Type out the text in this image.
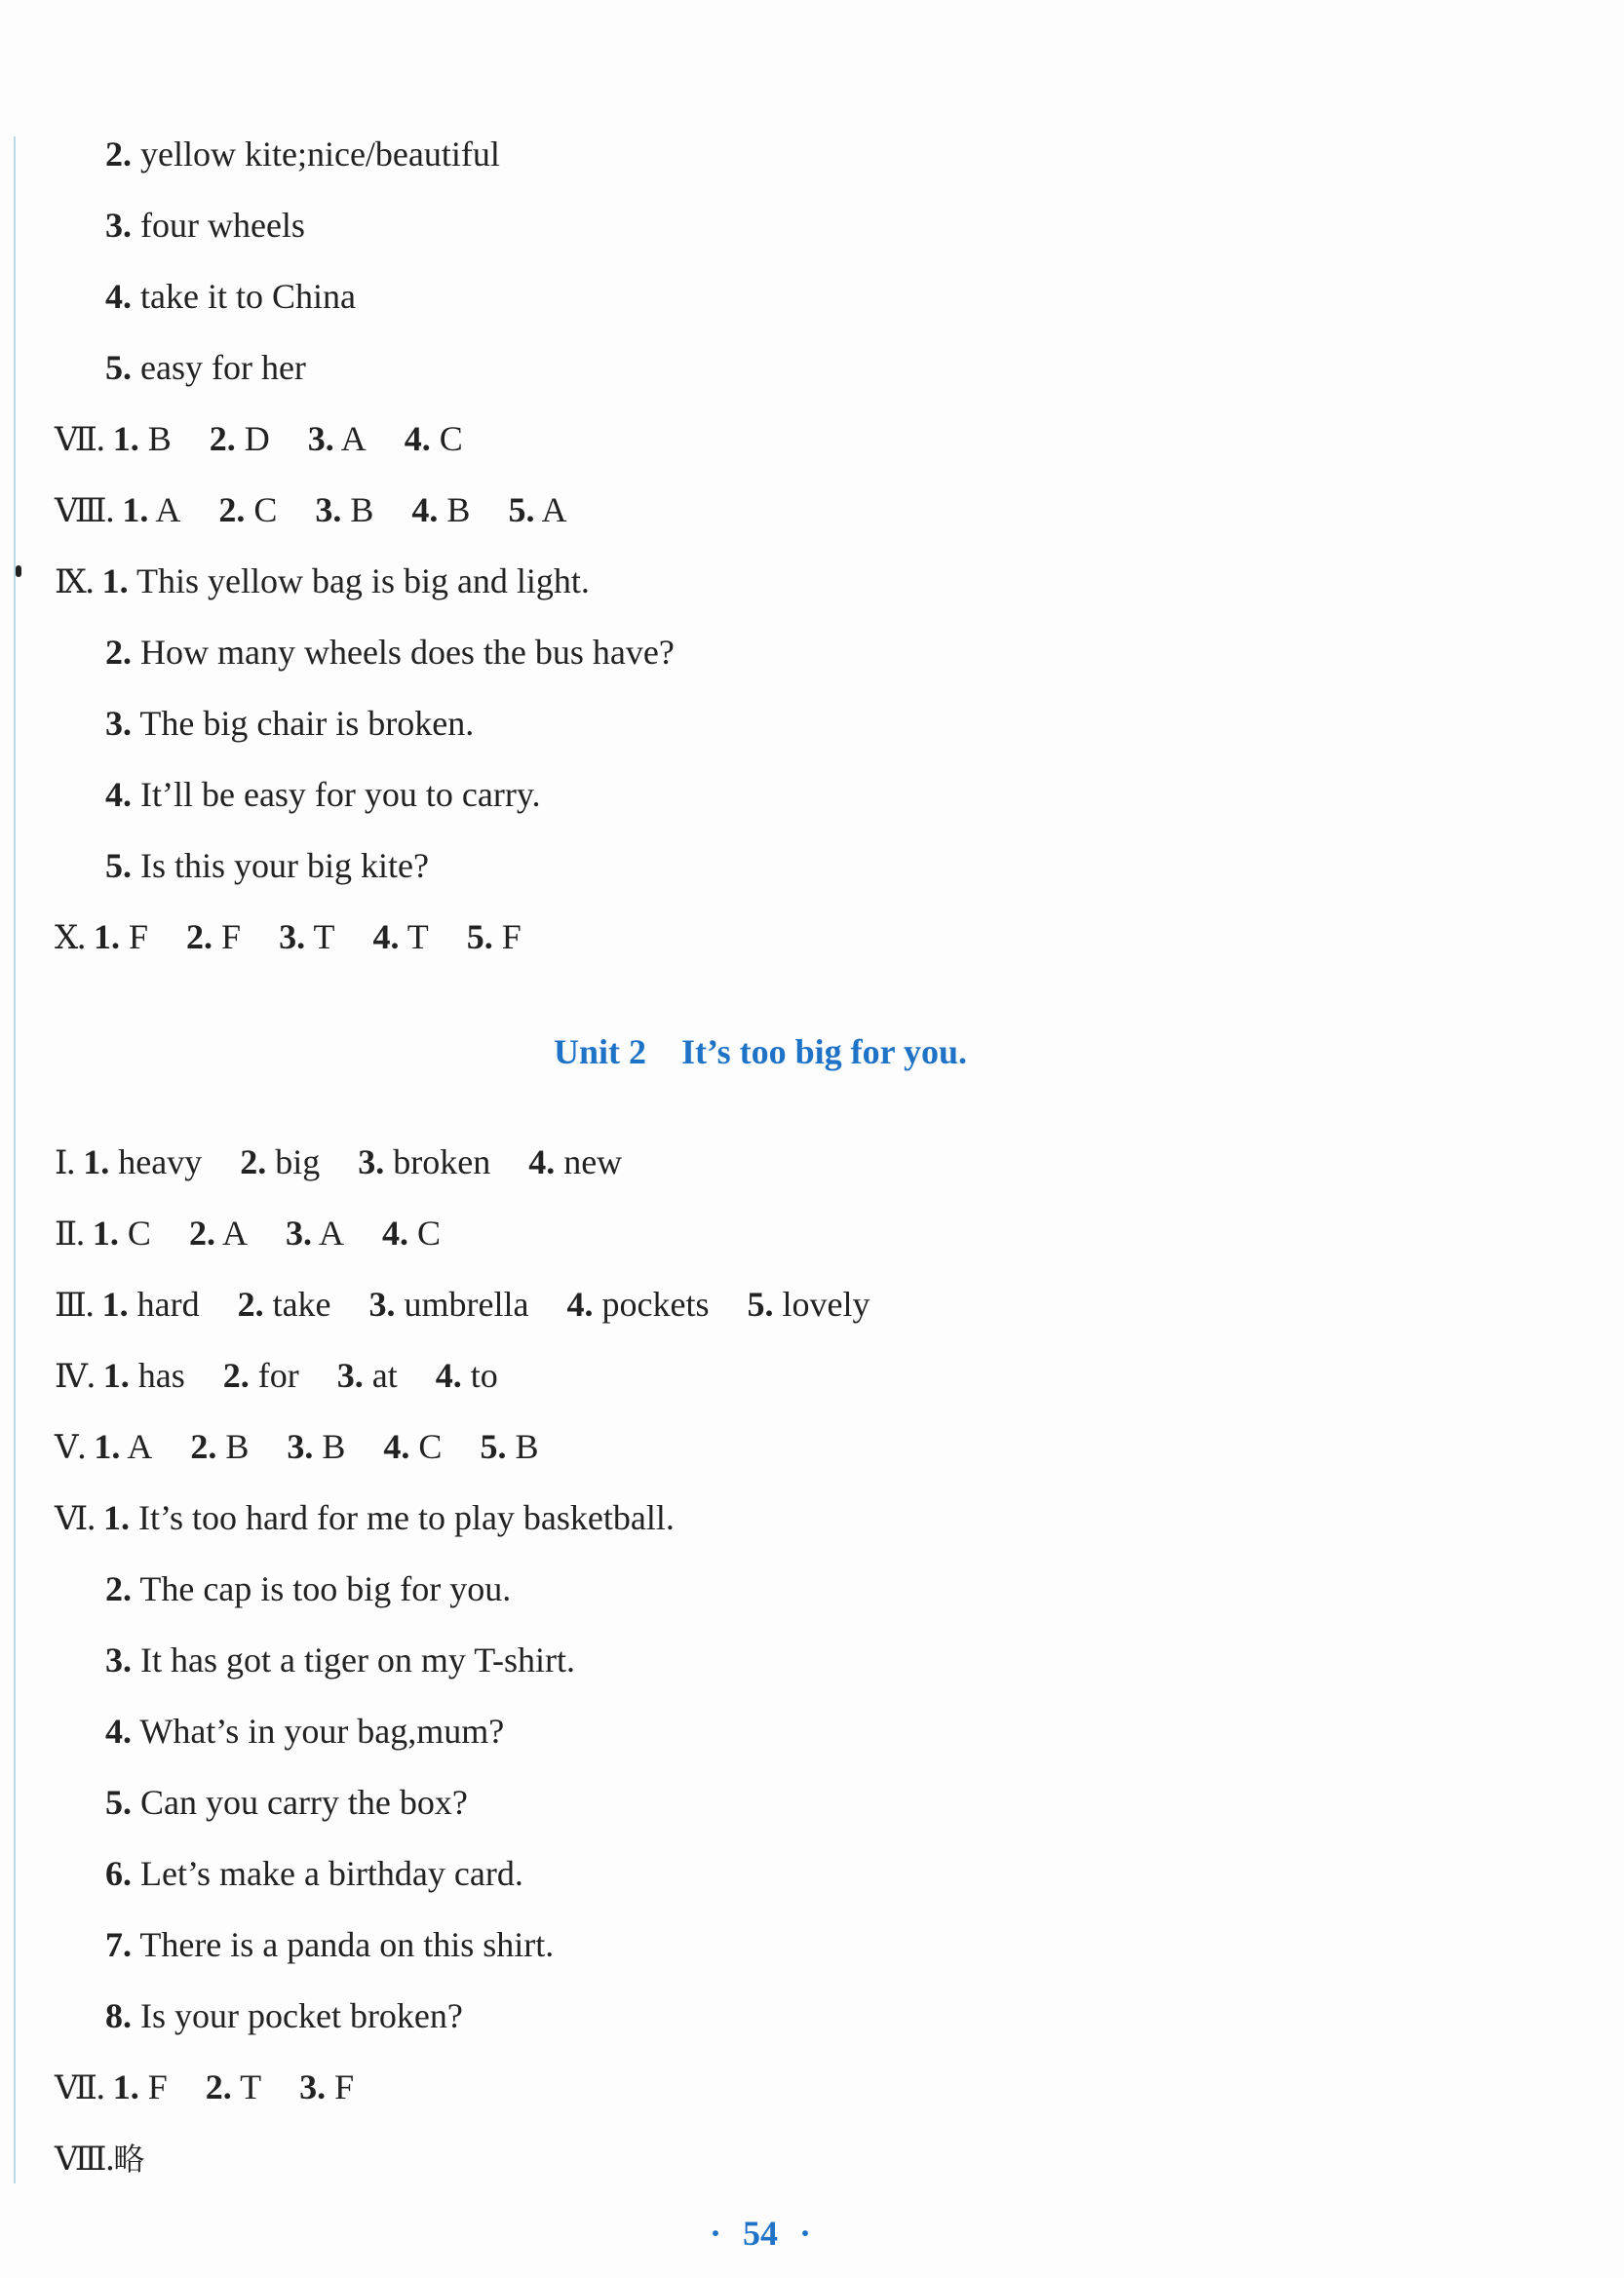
2. yellow kite;nice/beautiful
3. four wheels
4. take it to China
5. easy for her
Ⅶ. 1. B 2. D 3. A 4. C
Ⅷ. 1. A 2. C 3. B 4. B 5. A
Ⅸ. 1. This yellow bag is big and light.
2. How many wheels does the bus have?
3. The big chair is broken.
4. It’ll be easy for you to carry.
5. Is this your big kite?
Ⅹ. 1. F 2. F 3. T 4. T 5. F
Unit 2 It’s too big for you.
Ⅰ. 1. heavy 2. big 3. broken 4. new
Ⅱ. 1. C 2. A 3. A 4. C
Ⅲ. 1. hard 2. take 3. umbrella 4. pockets 5. lovely
Ⅳ. 1. has 2. for 3. at 4. to
Ⅴ. 1. A 2. B 3. B 4. C 5. B
Ⅵ. 1. It’s too hard for me to play basketball.
2. The cap is too big for you.
3. It has got a tiger on my T-shirt.
4. What’s in your bag,mum?
5. Can you carry the box?
6. Let’s make a birthday card.
7. There is a panda on this shirt.
8. Is your pocket broken?
Ⅶ. 1. F 2. T 3. F
Ⅷ.略
· 54 ·
